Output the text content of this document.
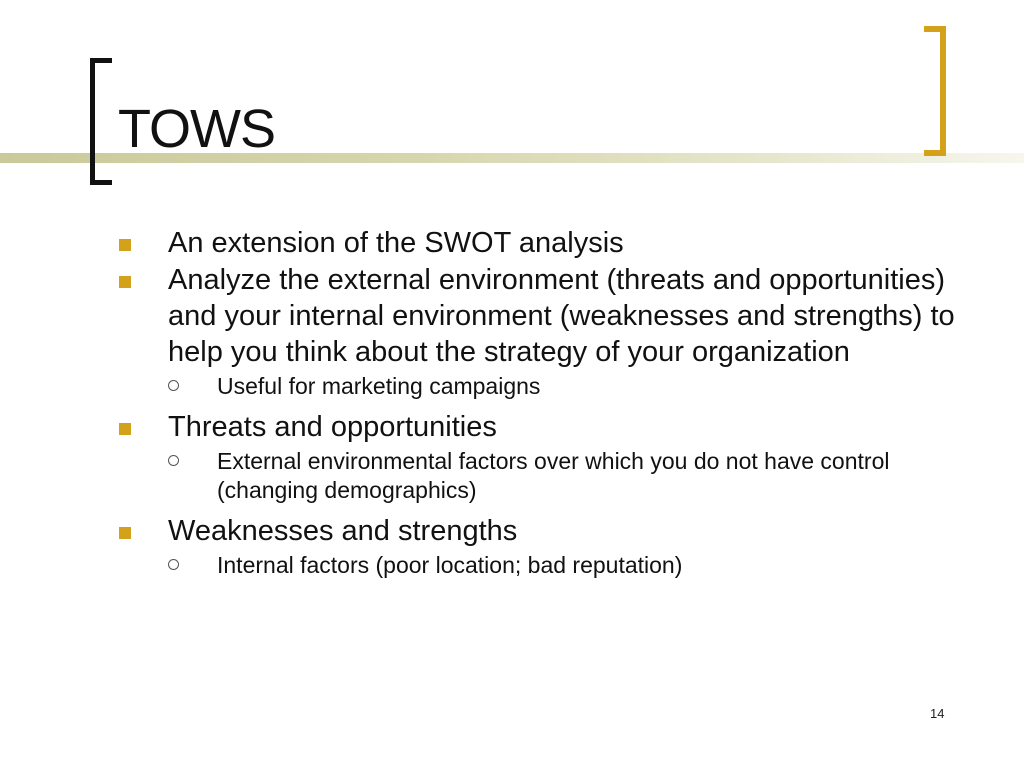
TOWS
An extension of the SWOT analysis
Analyze the external environment (threats and opportunities) and your internal environment (weaknesses and strengths) to help you think about the strategy of your organization
Useful for marketing campaigns
Threats and opportunities
External environmental factors over which you do not have control (changing demographics)
Weaknesses and strengths
Internal factors (poor location; bad reputation)
14
